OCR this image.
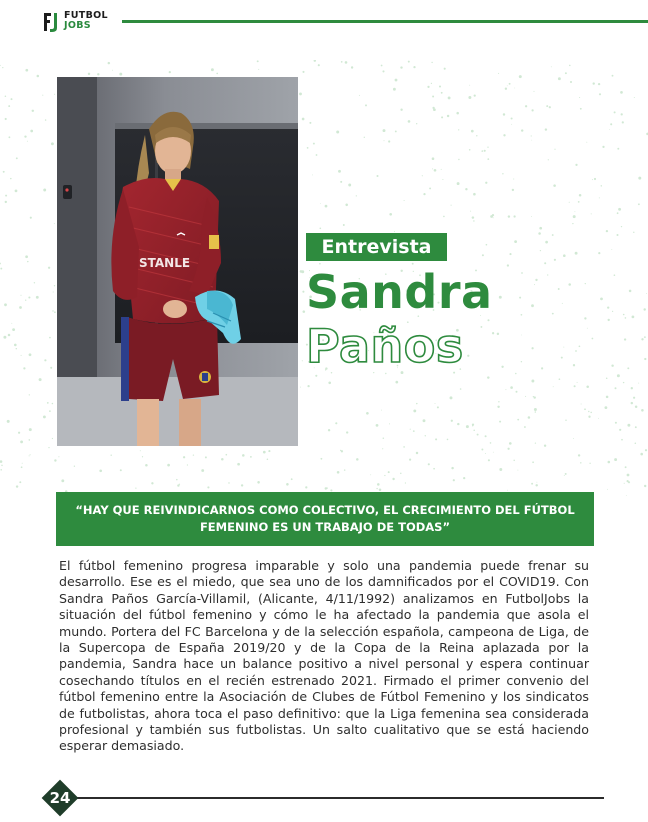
FUTBOL
JOBS
STANLE
Entrevista
Sandra
Paños
“HAY QUE REIVINDICARNOS COMO COLECTIVO, EL CRECIMIENTO DEL FÚTBOL FEMENINO ES UN TRABAJO DE TODAS”

El fútbol femenino progresa imparable y solo una pandemia puede frenar su desarrollo. Ese es el miedo, que sea uno de los damnificados por el COVID19. Con Sandra Paños García-Villamil, (Alicante, 4/11/1992) analizamos en FutbolJobs la situación del fútbol femenino y cómo le ha afectado la pandemia que asola el mundo. Portera del FC Barcelona y de la selección española, campeona de Liga, de la Supercopa de España 2019/20 y de la Copa de la Reina aplazada por la pandemia, Sandra hace un balance positivo a nivel personal y espera continuar cosechando títulos en el recién estrenado 2021. Firmado el primer convenio del fútbol femenino entre la Asociación de Clubes de Fútbol Femenino y los sindicatos de futbolistas, ahora toca el paso definitivo: que la Liga femenina sea considerada profesional y también sus futbolistas. Un salto cualitativo que se está haciendo esperar demasiado.

24
